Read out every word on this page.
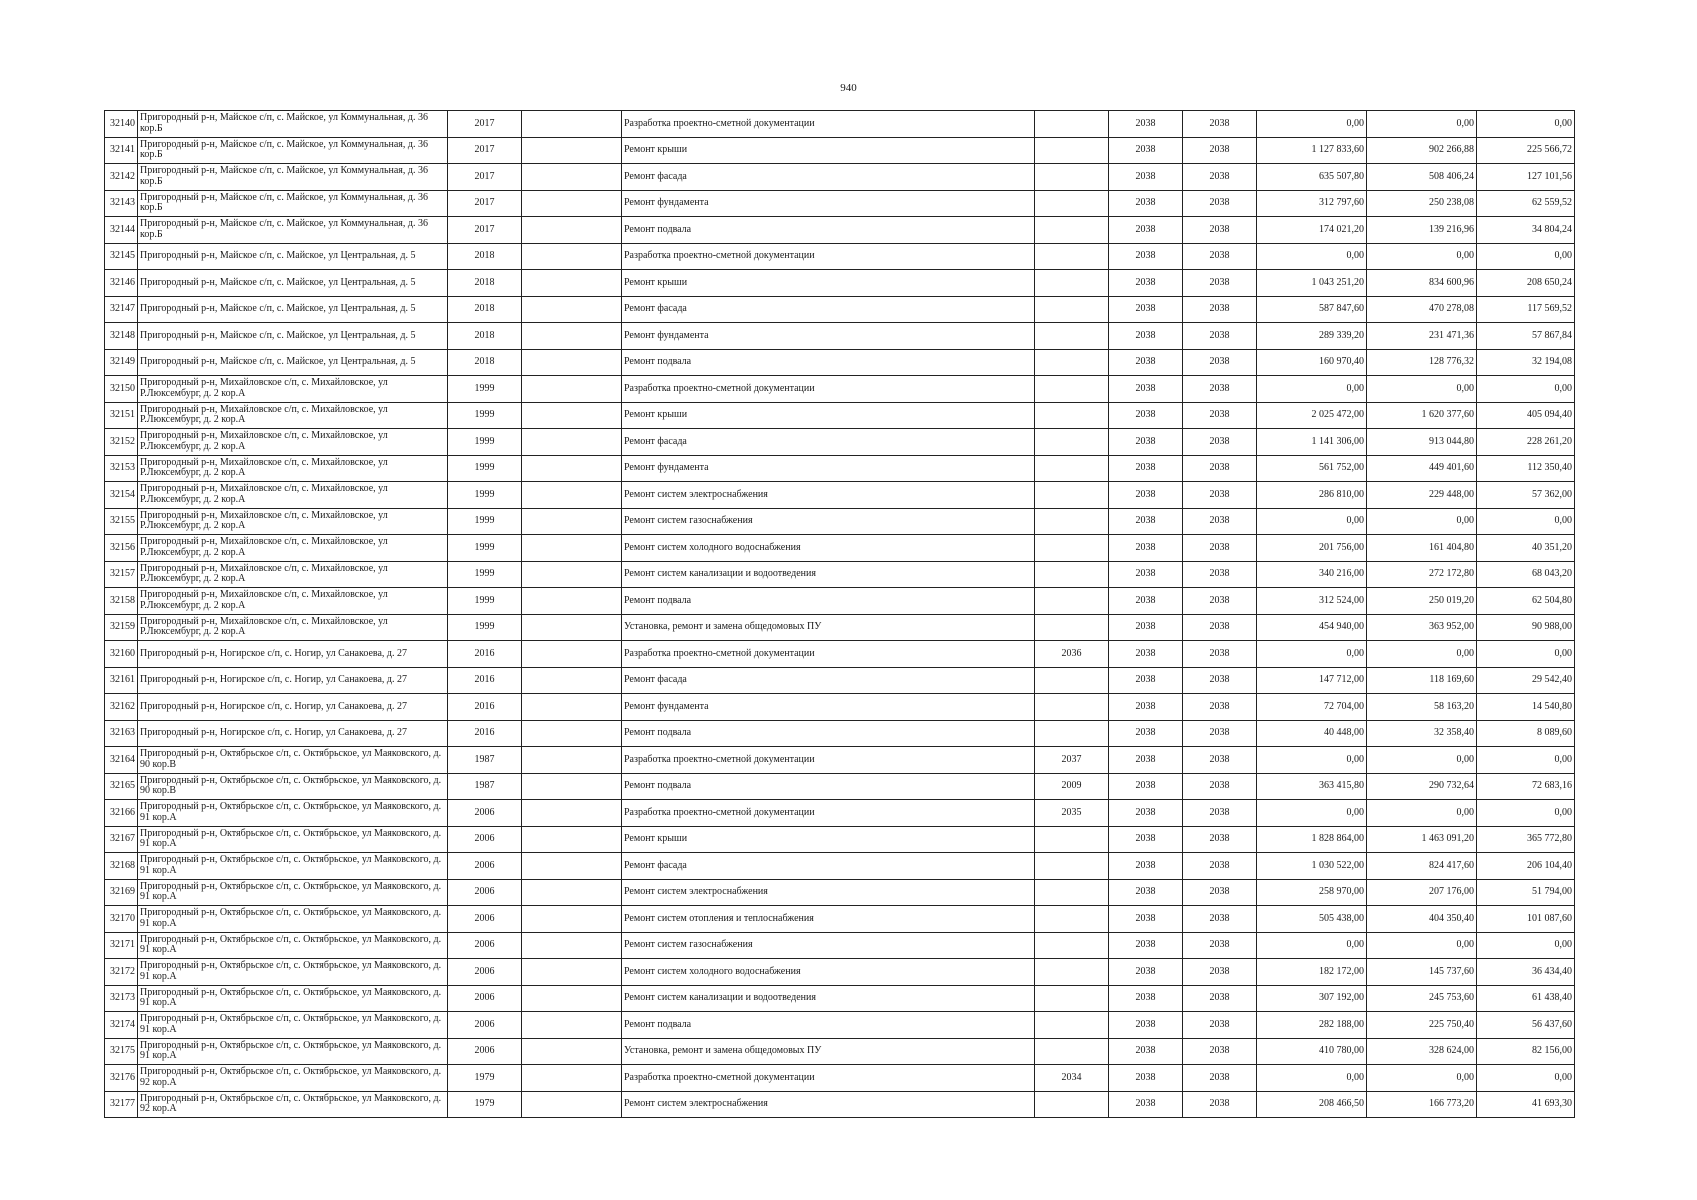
940
32140	Пригородный р-н, Майское с/п, с. Майское, ул Коммунальная, д. 36 кор.Б	2017		Разработка проектно-сметной документации		2038	2038	0,00	0,00	0,00
32141	Пригородный р-н, Майское с/п, с. Майское, ул Коммунальная, д. 36 кор.Б	2017		Ремонт крыши		2038	2038	1 127 833,60	902 266,88	225 566,72
32142	Пригородный р-н, Майское с/п, с. Майское, ул Коммунальная, д. 36 кор.Б	2017		Ремонт фасада		2038	2038	635 507,80	508 406,24	127 101,56
32143	Пригородный р-н, Майское с/п, с. Майское, ул Коммунальная, д. 36 кор.Б	2017		Ремонт фундамента		2038	2038	312 797,60	250 238,08	62 559,52
32144	Пригородный р-н, Майское с/п, с. Майское, ул Коммунальная, д. 36 кор.Б	2017		Ремонт подвала		2038	2038	174 021,20	139 216,96	34 804,24
32145	Пригородный р-н, Майское с/п, с. Майское, ул Центральная, д. 5	2018		Разработка проектно-сметной документации		2038	2038	0,00	0,00	0,00
32146	Пригородный р-н, Майское с/п, с. Майское, ул Центральная, д. 5	2018		Ремонт крыши		2038	2038	1 043 251,20	834 600,96	208 650,24
32147	Пригородный р-н, Майское с/п, с. Майское, ул Центральная, д. 5	2018		Ремонт фасада		2038	2038	587 847,60	470 278,08	117 569,52
32148	Пригородный р-н, Майское с/п, с. Майское, ул Центральная, д. 5	2018		Ремонт фундамента		2038	2038	289 339,20	231 471,36	57 867,84
32149	Пригородный р-н, Майское с/п, с. Майское, ул Центральная, д. 5	2018		Ремонт подвала		2038	2038	160 970,40	128 776,32	32 194,08
32150	Пригородный р-н, Михайловское с/п, с. Михайловское, ул Р.Люксембург, д. 2 кор.А	1999		Разработка проектно-сметной документации		2038	2038	0,00	0,00	0,00
32151	Пригородный р-н, Михайловское с/п, с. Михайловское, ул Р.Люксембург, д. 2 кор.А	1999		Ремонт крыши		2038	2038	2 025 472,00	1 620 377,60	405 094,40
32152	Пригородный р-н, Михайловское с/п, с. Михайловское, ул Р.Люксембург, д. 2 кор.А	1999		Ремонт фасада		2038	2038	1 141 306,00	913 044,80	228 261,20
32153	Пригородный р-н, Михайловское с/п, с. Михайловское, ул Р.Люксембург, д. 2 кор.А	1999		Ремонт фундамента		2038	2038	561 752,00	449 401,60	112 350,40
32154	Пригородный р-н, Михайловское с/п, с. Михайловское, ул Р.Люксембург, д. 2 кор.А	1999		Ремонт систем электроснабжения		2038	2038	286 810,00	229 448,00	57 362,00
32155	Пригородный р-н, Михайловское с/п, с. Михайловское, ул Р.Люксембург, д. 2 кор.А	1999		Ремонт систем газоснабжения		2038	2038	0,00	0,00	0,00
32156	Пригородный р-н, Михайловское с/п, с. Михайловское, ул Р.Люксембург, д. 2 кор.А	1999		Ремонт систем холодного водоснабжения		2038	2038	201 756,00	161 404,80	40 351,20
32157	Пригородный р-н, Михайловское с/п, с. Михайловское, ул Р.Люксембург, д. 2 кор.А	1999		Ремонт систем канализации и водоотведения		2038	2038	340 216,00	272 172,80	68 043,20
32158	Пригородный р-н, Михайловское с/п, с. Михайловское, ул Р.Люксембург, д. 2 кор.А	1999		Ремонт подвала		2038	2038	312 524,00	250 019,20	62 504,80
32159	Пригородный р-н, Михайловское с/п, с. Михайловское, ул Р.Люксембург, д. 2 кор.А	1999		Установка, ремонт и замена общедомовых ПУ		2038	2038	454 940,00	363 952,00	90 988,00
32160	Пригородный р-н, Ногирское с/п, с. Ногир, ул Санакоева, д. 27	2016		Разработка проектно-сметной документации	2036	2038	2038	0,00	0,00	0,00
32161	Пригородный р-н, Ногирское с/п, с. Ногир, ул Санакоева, д. 27	2016		Ремонт фасада		2038	2038	147 712,00	118 169,60	29 542,40
32162	Пригородный р-н, Ногирское с/п, с. Ногир, ул Санакоева, д. 27	2016		Ремонт фундамента		2038	2038	72 704,00	58 163,20	14 540,80
32163	Пригородный р-н, Ногирское с/п, с. Ногир, ул Санакоева, д. 27	2016		Ремонт подвала		2038	2038	40 448,00	32 358,40	8 089,60
32164	Пригородный р-н, Октябрьское с/п, с. Октябрьское, ул Маяковского, д. 90 кор.В	1987		Разработка проектно-сметной документации	2037	2038	2038	0,00	0,00	0,00
32165	Пригородный р-н, Октябрьское с/п, с. Октябрьское, ул Маяковского, д. 90 кор.В	1987		Ремонт подвала	2009	2038	2038	363 415,80	290 732,64	72 683,16
32166	Пригородный р-н, Октябрьское с/п, с. Октябрьское, ул Маяковского, д. 91 кор.А	2006		Разработка проектно-сметной документации	2035	2038	2038	0,00	0,00	0,00
32167	Пригородный р-н, Октябрьское с/п, с. Октябрьское, ул Маяковского, д. 91 кор.А	2006		Ремонт крыши		2038	2038	1 828 864,00	1 463 091,20	365 772,80
32168	Пригородный р-н, Октябрьское с/п, с. Октябрьское, ул Маяковского, д. 91 кор.А	2006		Ремонт фасада		2038	2038	1 030 522,00	824 417,60	206 104,40
32169	Пригородный р-н, Октябрьское с/п, с. Октябрьское, ул Маяковского, д. 91 кор.А	2006		Ремонт систем электроснабжения		2038	2038	258 970,00	207 176,00	51 794,00
32170	Пригородный р-н, Октябрьское с/п, с. Октябрьское, ул Маяковского, д. 91 кор.А	2006		Ремонт систем отопления и теплоснабжения		2038	2038	505 438,00	404 350,40	101 087,60
32171	Пригородный р-н, Октябрьское с/п, с. Октябрьское, ул Маяковского, д. 91 кор.А	2006		Ремонт систем газоснабжения		2038	2038	0,00	0,00	0,00
32172	Пригородный р-н, Октябрьское с/п, с. Октябрьское, ул Маяковского, д. 91 кор.А	2006		Ремонт систем холодного водоснабжения		2038	2038	182 172,00	145 737,60	36 434,40
32173	Пригородный р-н, Октябрьское с/п, с. Октябрьское, ул Маяковского, д. 91 кор.А	2006		Ремонт систем канализации и водоотведения		2038	2038	307 192,00	245 753,60	61 438,40
32174	Пригородный р-н, Октябрьское с/п, с. Октябрьское, ул Маяковского, д. 91 кор.А	2006		Ремонт подвала		2038	2038	282 188,00	225 750,40	56 437,60
32175	Пригородный р-н, Октябрьское с/п, с. Октябрьское, ул Маяковского, д. 91 кор.А	2006		Установка, ремонт и замена общедомовых ПУ		2038	2038	410 780,00	328 624,00	82 156,00
32176	Пригородный р-н, Октябрьское с/п, с. Октябрьское, ул Маяковского, д. 92 кор.А	1979		Разработка проектно-сметной документации	2034	2038	2038	0,00	0,00	0,00
32177	Пригородный р-н, Октябрьское с/п, с. Октябрьское, ул Маяковского, д. 92 кор.А	1979		Ремонт систем электроснабжения		2038	2038	208 466,50	166 773,20	41 693,30
